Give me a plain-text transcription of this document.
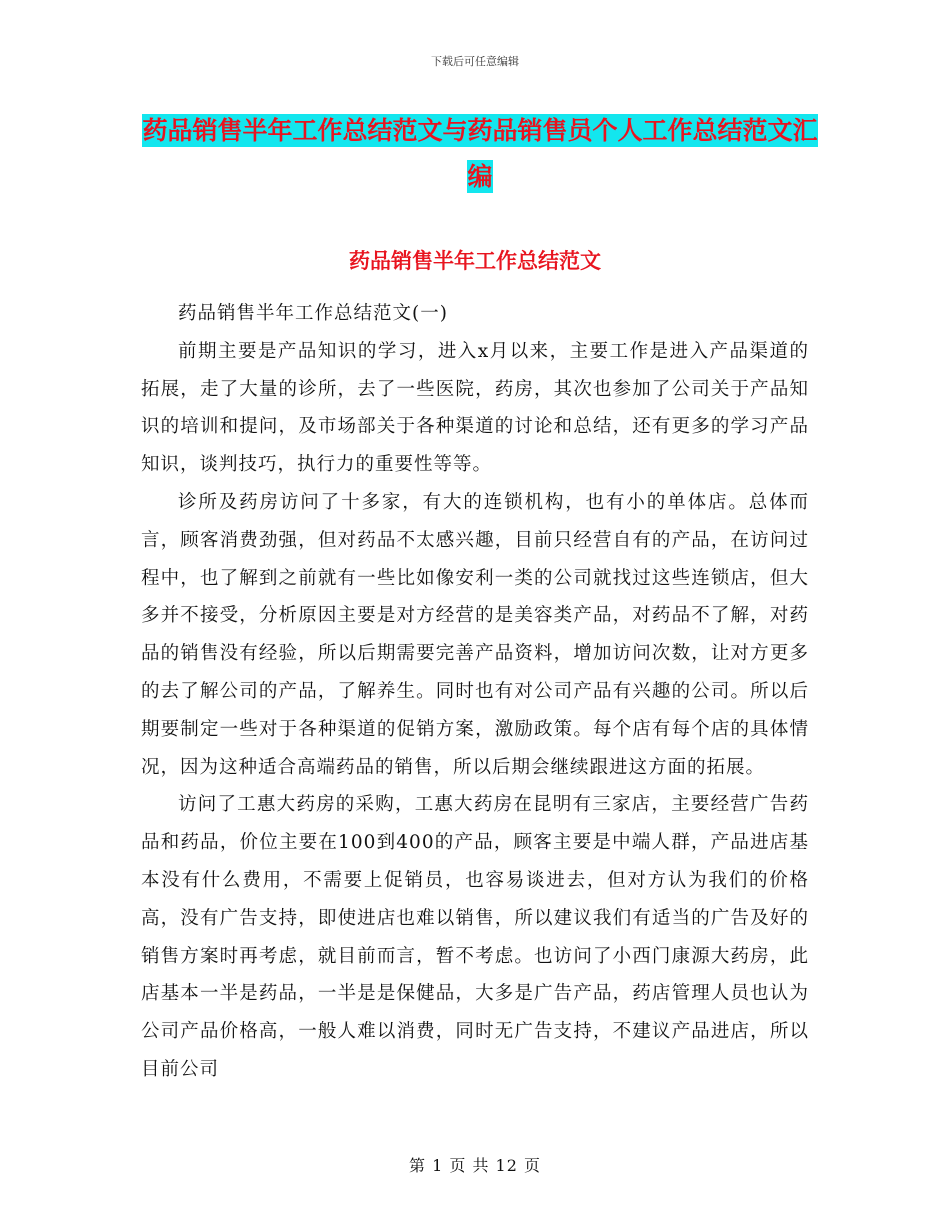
下载后可任意编辑
药品销售半年工作总结范文与药品销售员个人工作总结范文汇编
药品销售半年工作总结范文

药品销售半年工作总结范文(一)

前期主要是产品知识的学习，进入x月以来，主要工作是进入产品渠道的拓展，走了大量的诊所，去了一些医院，药房，其次也参加了公司关于产品知识的培训和提问，及市场部关于各种渠道的讨论和总结，还有更多的学习产品知识，谈判技巧，执行力的重要性等等。

诊所及药房访问了十多家，有大的连锁机构，也有小的单体店。总体而言，顾客消费劲强，但对药品不太感兴趣，目前只经营自有的产品，在访问过程中，也了解到之前就有一些比如像安利一类的公司就找过这些连锁店，但大多并不接受，分析原因主要是对方经营的是美容类产品，对药品不了解，对药品的销售没有经验，所以后期需要完善产品资料，增加访问次数，让对方更多的去了解公司的产品，了解养生。同时也有对公司产品有兴趣的公司。所以后期要制定一些对于各种渠道的促销方案，激励政策。每个店有每个店的具体情况，因为这种适合高端药品的销售，所以后期会继续跟进这方面的拓展。

访问了工惠大药房的采购，工惠大药房在昆明有三家店，主要经营广告药品和药品，价位主要在100到400的产品，顾客主要是中端人群，产品进店基本没有什么费用，不需要上促销员，也容易谈进去，但对方认为我们的价格高，没有广告支持，即使进店也难以销售，所以建议我们有适当的广告及好的销售方案时再考虑，就目前而言，暂不考虑。也访问了小西门康源大药房，此店基本一半是药品，一半是是保健品，大多是广告产品，药店管理人员也认为公司产品价格高，一般人难以消费，同时无广告支持，不建议产品进店，所以目前公司

第 1 页 共 12 页
